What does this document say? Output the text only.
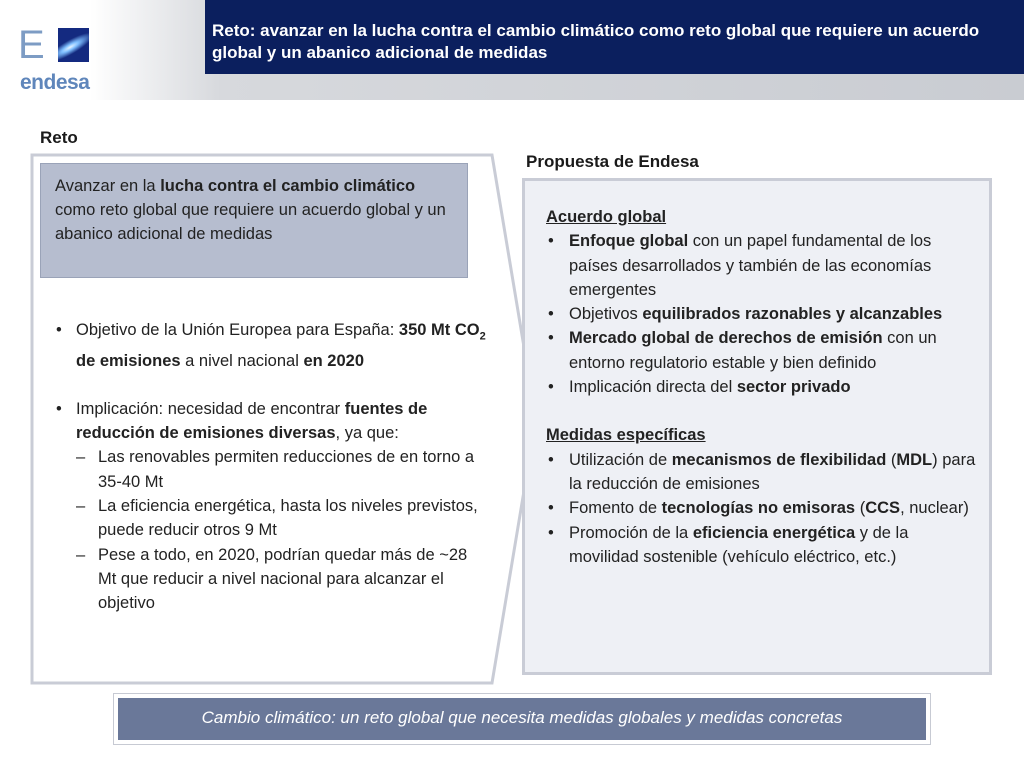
Reto: avanzar en la lucha contra el cambio climático como reto global que requiere un acuerdo global y un abanico adicional de medidas

E
endesa

Reto

Propuesta de Endesa

Avanzar en la lucha contra el cambio climático como reto global que requiere un acuerdo global y un abanico adicional de medidas

• Objetivo de la Unión Europea para España: 350 Mt $CO_2$ de emisiones a nivel nacional en 2020
• Implicación: necesidad de encontrar fuentes de reducción de emisiones diversas, ya que:
– Las renovables permiten reducciones de en torno a 35-40 Mt
– La eficiencia energética, hasta los niveles previstos, puede reducir otros 9 Mt
– Pese a todo, en 2020, podrían quedar más de ~28 Mt que reducir a nivel nacional para alcanzar el objetivo
Acuerdo global
• Enfoque global con un papel fundamental de los países desarrollados y también de las economías emergentes
• Objetivos equilibrados razonables y alcanzables
• Mercado global de derechos de emisión con un entorno regulatorio estable y bien definido
• Implicación directa del sector privado
Medidas específicas
• Utilización de mecanismos de flexibilidad (MDL) para la reducción de emisiones
• Fomento de tecnologías no emisoras (CCS, nuclear)
• Promoción de la eficiencia energética y de la movilidad sostenible (vehículo eléctrico, etc.)

Cambio climático: un reto global que necesita medidas globales y medidas concretas
